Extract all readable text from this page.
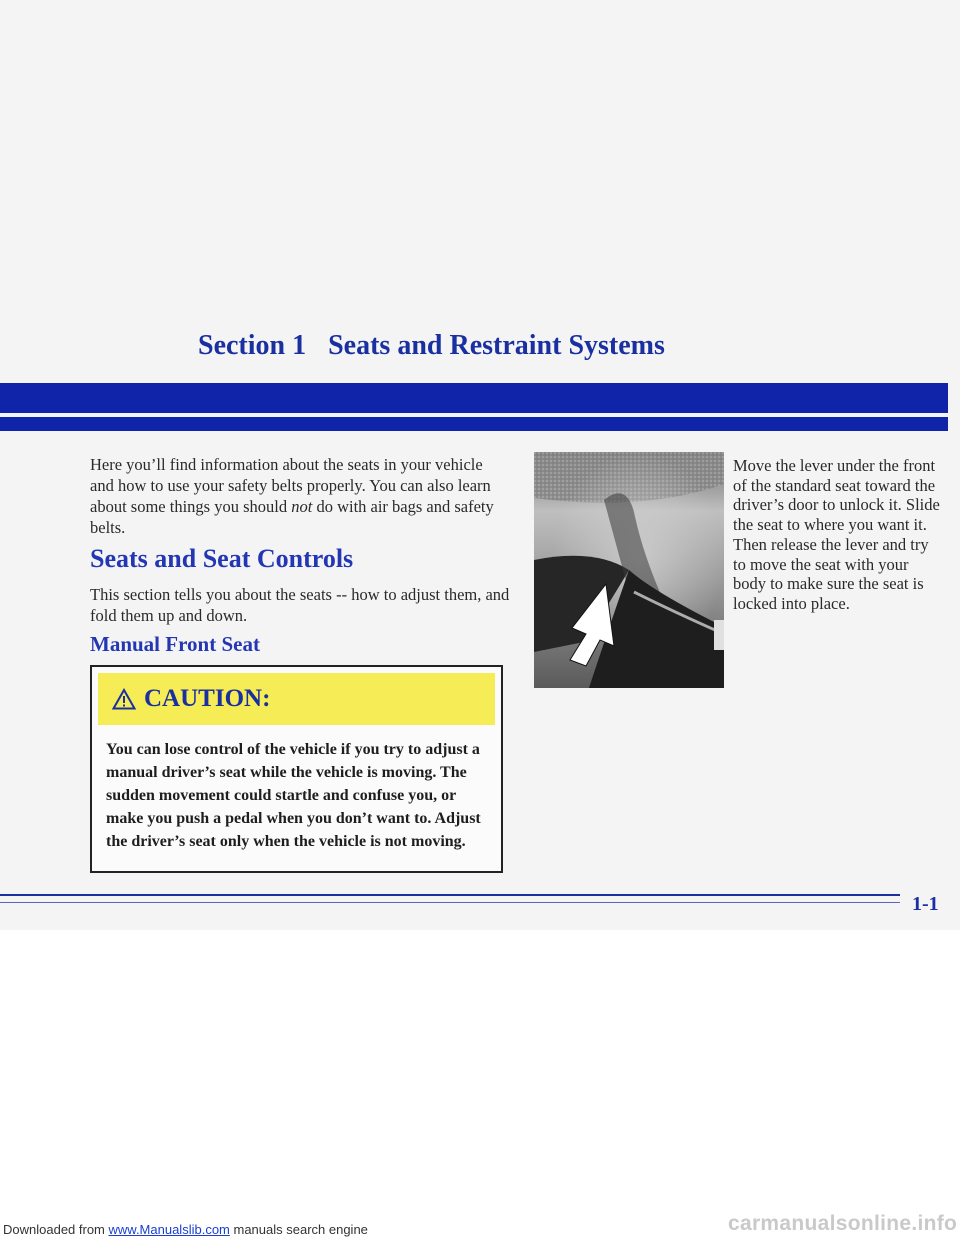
Section 1 Seats and Restraint Systems
Here you’ll find information about the seats in your vehicle and how to use your safety belts properly. You can also learn about some things you should not do with air bags and safety belts.
Seats and Seat Controls
This section tells you about the seats -- how to adjust them, and fold them up and down.
Manual Front Seat
CAUTION:
You can lose control of the vehicle if you try to adjust a manual driver’s seat while the vehicle is moving. The sudden movement could startle and confuse you, or make you push a pedal when you don’t want to. Adjust the driver’s seat only when the vehicle is not moving.
Move the lever under the front of the standard seat toward the driver’s door to unlock it. Slide the seat to where you want it. Then release the lever and try to move the seat with your body to make sure the seat is locked into place.
1-1
Downloaded from www.Manualslib.com manuals search engine	carmanualsonline.info
